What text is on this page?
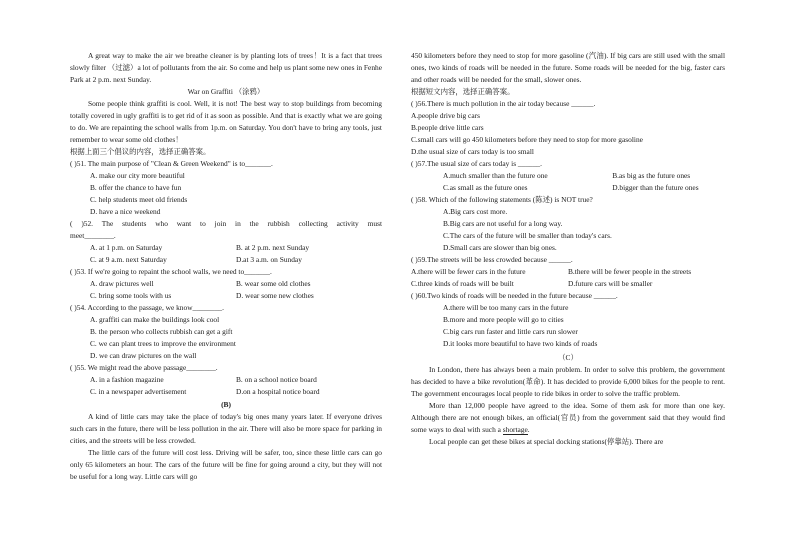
A great way to make the air we breathe cleaner is by planting lots of trees！It is a fact that trees slowly filter （过滤）a lot of pollutants from the air. So come and help us plant some new ones in Fenhe Park at 2 p.m. next Sunday.

War on Graffiti （涂鸦）

Some people think graffiti is cool. Well, it is not! The best way to stop buildings from becoming totally covered in ugly graffiti is to get rid of it as soon as possible. And that is exactly what we are going to do. We are repainting the school walls from 1p.m. on Saturday. You don't have to bring any tools, just remember to wear some old clothes！

根据上面三个倡议的内容，选择正确答案。

( )51. The main purpose of "Clean & Green Weekend" is to_______.

A. make our city more beautiful

B. offer the chance to have fun

C. help students meet old friends

D. have a nice weekend

( )52. The students who want to join in the rubbish collecting activity must

meet________.

A. at 1 p.m. on Saturday	B. at 2 p.m. next Sunday
C. at 9 a.m. next Saturday	D.at 3 a.m. on Sunday

( )53. If we're going to repaint the school walls, we need to_______.

A. draw pictures well	B. wear some old clothes
C. bring some tools with us	D. wear some new clothes

( )54. According to the passage, we know________.

A. graffiti can make the buildings look cool

B. the person who collects rubbish can get a gift

C. we can plant trees to improve the environment

D. we can draw pictures on the wall

( )55. We might read the above passage________.

A. in a fashion magazine	B. on a school notice board
C. in a newspaper advertisement	D.on a hospital notice board

(B)

A kind of little cars may take the place of today's big ones many years later. If everyone drives such cars in the future, there will be less pollution in the air. There will also be more space for parking in cities, and the streets will be less crowded.

The little cars of the future will cost less. Driving will be safer, too, since these little cars can go only 65 kilometers an hour. The cars of the future will be fine for going around a city, but they will not be useful for a long way. Little cars will go

450 kilometers before they need to stop for more gasoline (汽油). If big cars are still used with the small ones, two kinds of roads will be needed in the future. Some roads will be needed for the big, faster cars and other roads will be needed for the small, slower ones.

根据短文内容，选择正确答案。

( )56.There is much pollution in the air today because ______.

A.people drive big cars

B.people drive little cars

C.small cars will go 450 kilometers before they need to stop for more gasoline

D.the usual size of cars today is too small

( )57.The usual size of cars today is ______.

A.much smaller than the future one	B.as big as the future ones
C.as small as the future ones	D.bigger than the future ones

( )58. Which of the following statements (陈述) is NOT true?

A.Big cars cost more.

B.Big cars are not useful for a long way.

C.The cars of the future will be smaller than today's cars.

D.Small cars are slower than big ones.

( )59.The streets will be less crowded because ______.

A.there will be fewer cars in the future	B.there will be fewer people in the streets
C.three kinds of roads will be built	D.future cars will be smaller

( )60.Two kinds of roads will be needed in the future because ______.

A.there will be too many cars in the future

B.more and more people will go to cities

C.big cars run faster and little cars run slower

D.it looks more beautiful to have two kinds of roads

（C）

In London, there has always been a main problem. In order to solve this problem, the government has decided to have a bike revolution(革命). It has decided to provide 6,000 bikes for the people to rent. The government encourages local people to ride bikes in order to solve the traffic problem.

More than 12,000 people have agreed to the idea. Some of them ask for more than one key. Although there are not enough bikes, an official(官员) from the government said that they would find some ways to deal with such a shortage.

Local people can get these bikes at special docking stations(停靠站). There are
